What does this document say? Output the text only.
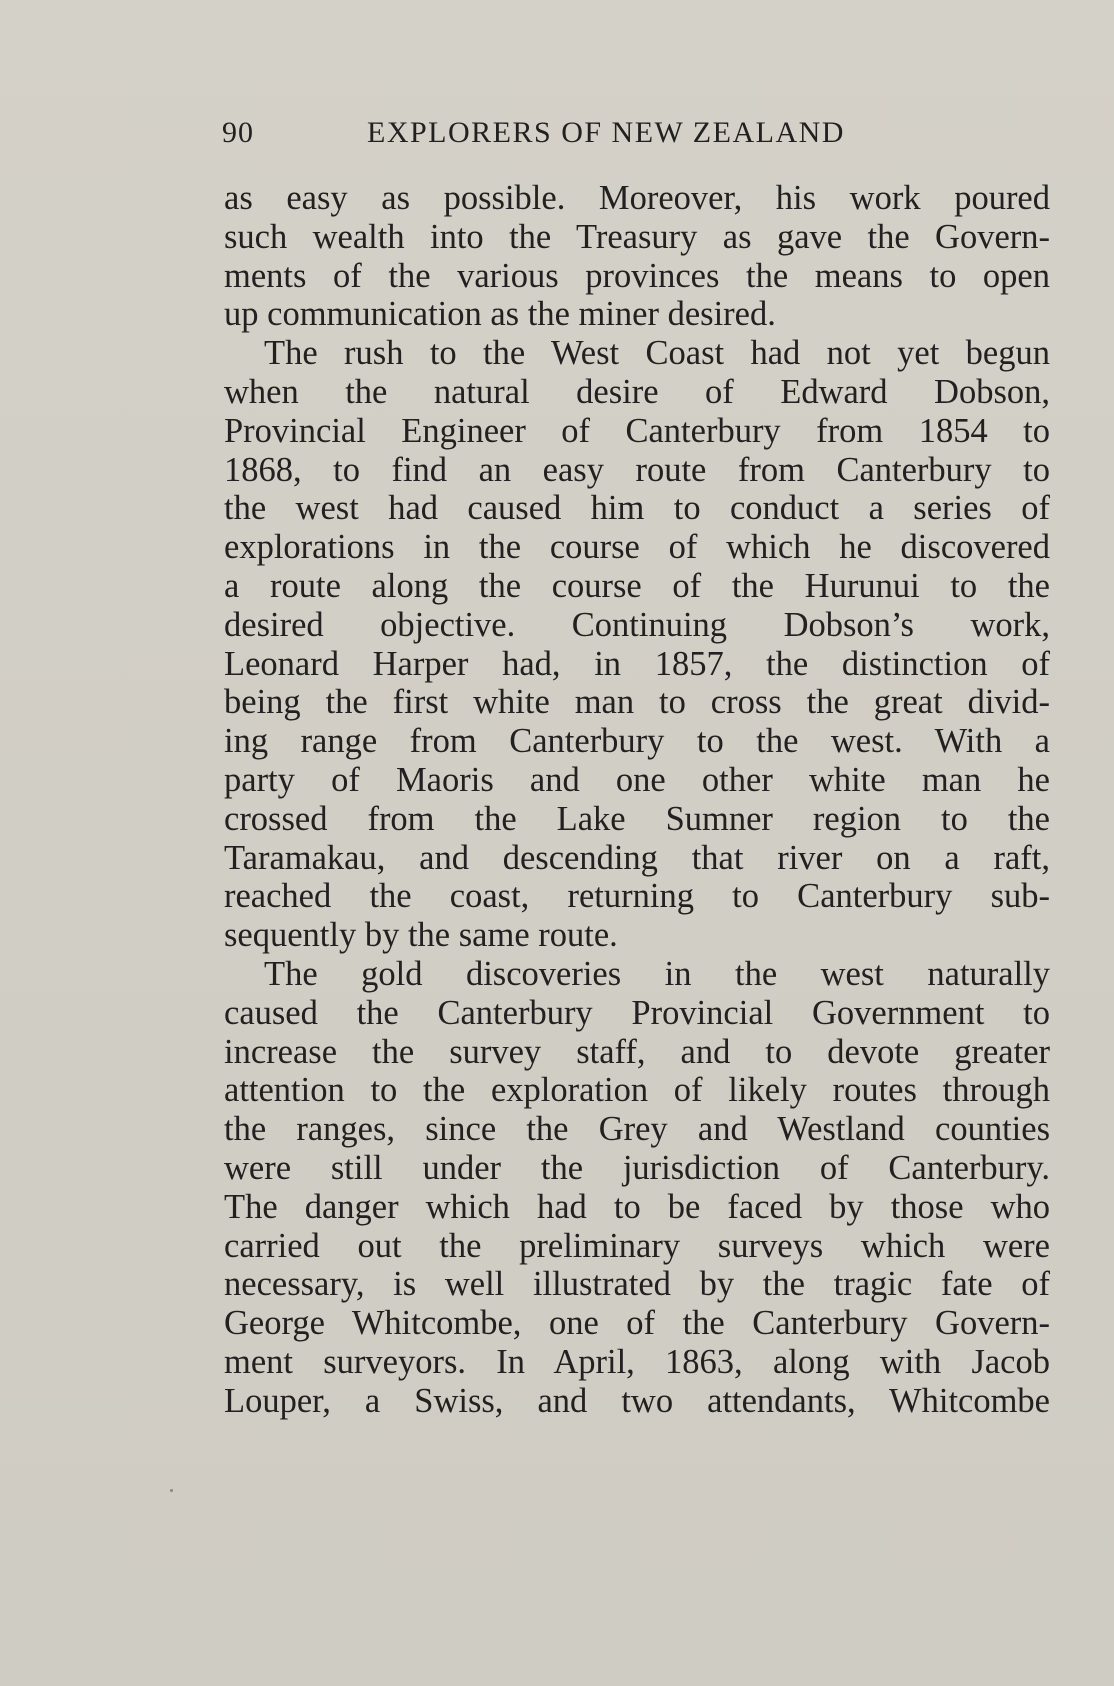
90	EXPLORERS OF NEW ZEALAND
as easy as possible. Moreover, his work poured
such wealth into the Treasury as gave the Govern-
ments of the various provinces the means to open
up communication as the miner desired.
The rush to the West Coast had not yet begun
when the natural desire of Edward Dobson,
Provincial Engineer of Canterbury from 1854 to
1868, to find an easy route from Canterbury to
the west had caused him to conduct a series of
explorations in the course of which he discovered
a route along the course of the Hurunui to the
desired objective. Continuing Dobson’s work,
Leonard Harper had, in 1857, the distinction of
being the first white man to cross the great divid-
ing range from Canterbury to the west. With a
party of Maoris and one other white man he
crossed from the Lake Sumner region to the
Taramakau, and descending that river on a raft,
reached the coast, returning to Canterbury sub-
sequently by the same route.
The gold discoveries in the west naturally
caused the Canterbury Provincial Government to
increase the survey staff, and to devote greater
attention to the exploration of likely routes through
the ranges, since the Grey and Westland counties
were still under the jurisdiction of Canterbury.
The danger which had to be faced by those who
carried out the preliminary surveys which were
necessary, is well illustrated by the tragic fate of
George Whitcombe, one of the Canterbury Govern-
ment surveyors. In April, 1863, along with Jacob
Louper, a Swiss, and two attendants, Whitcombe
